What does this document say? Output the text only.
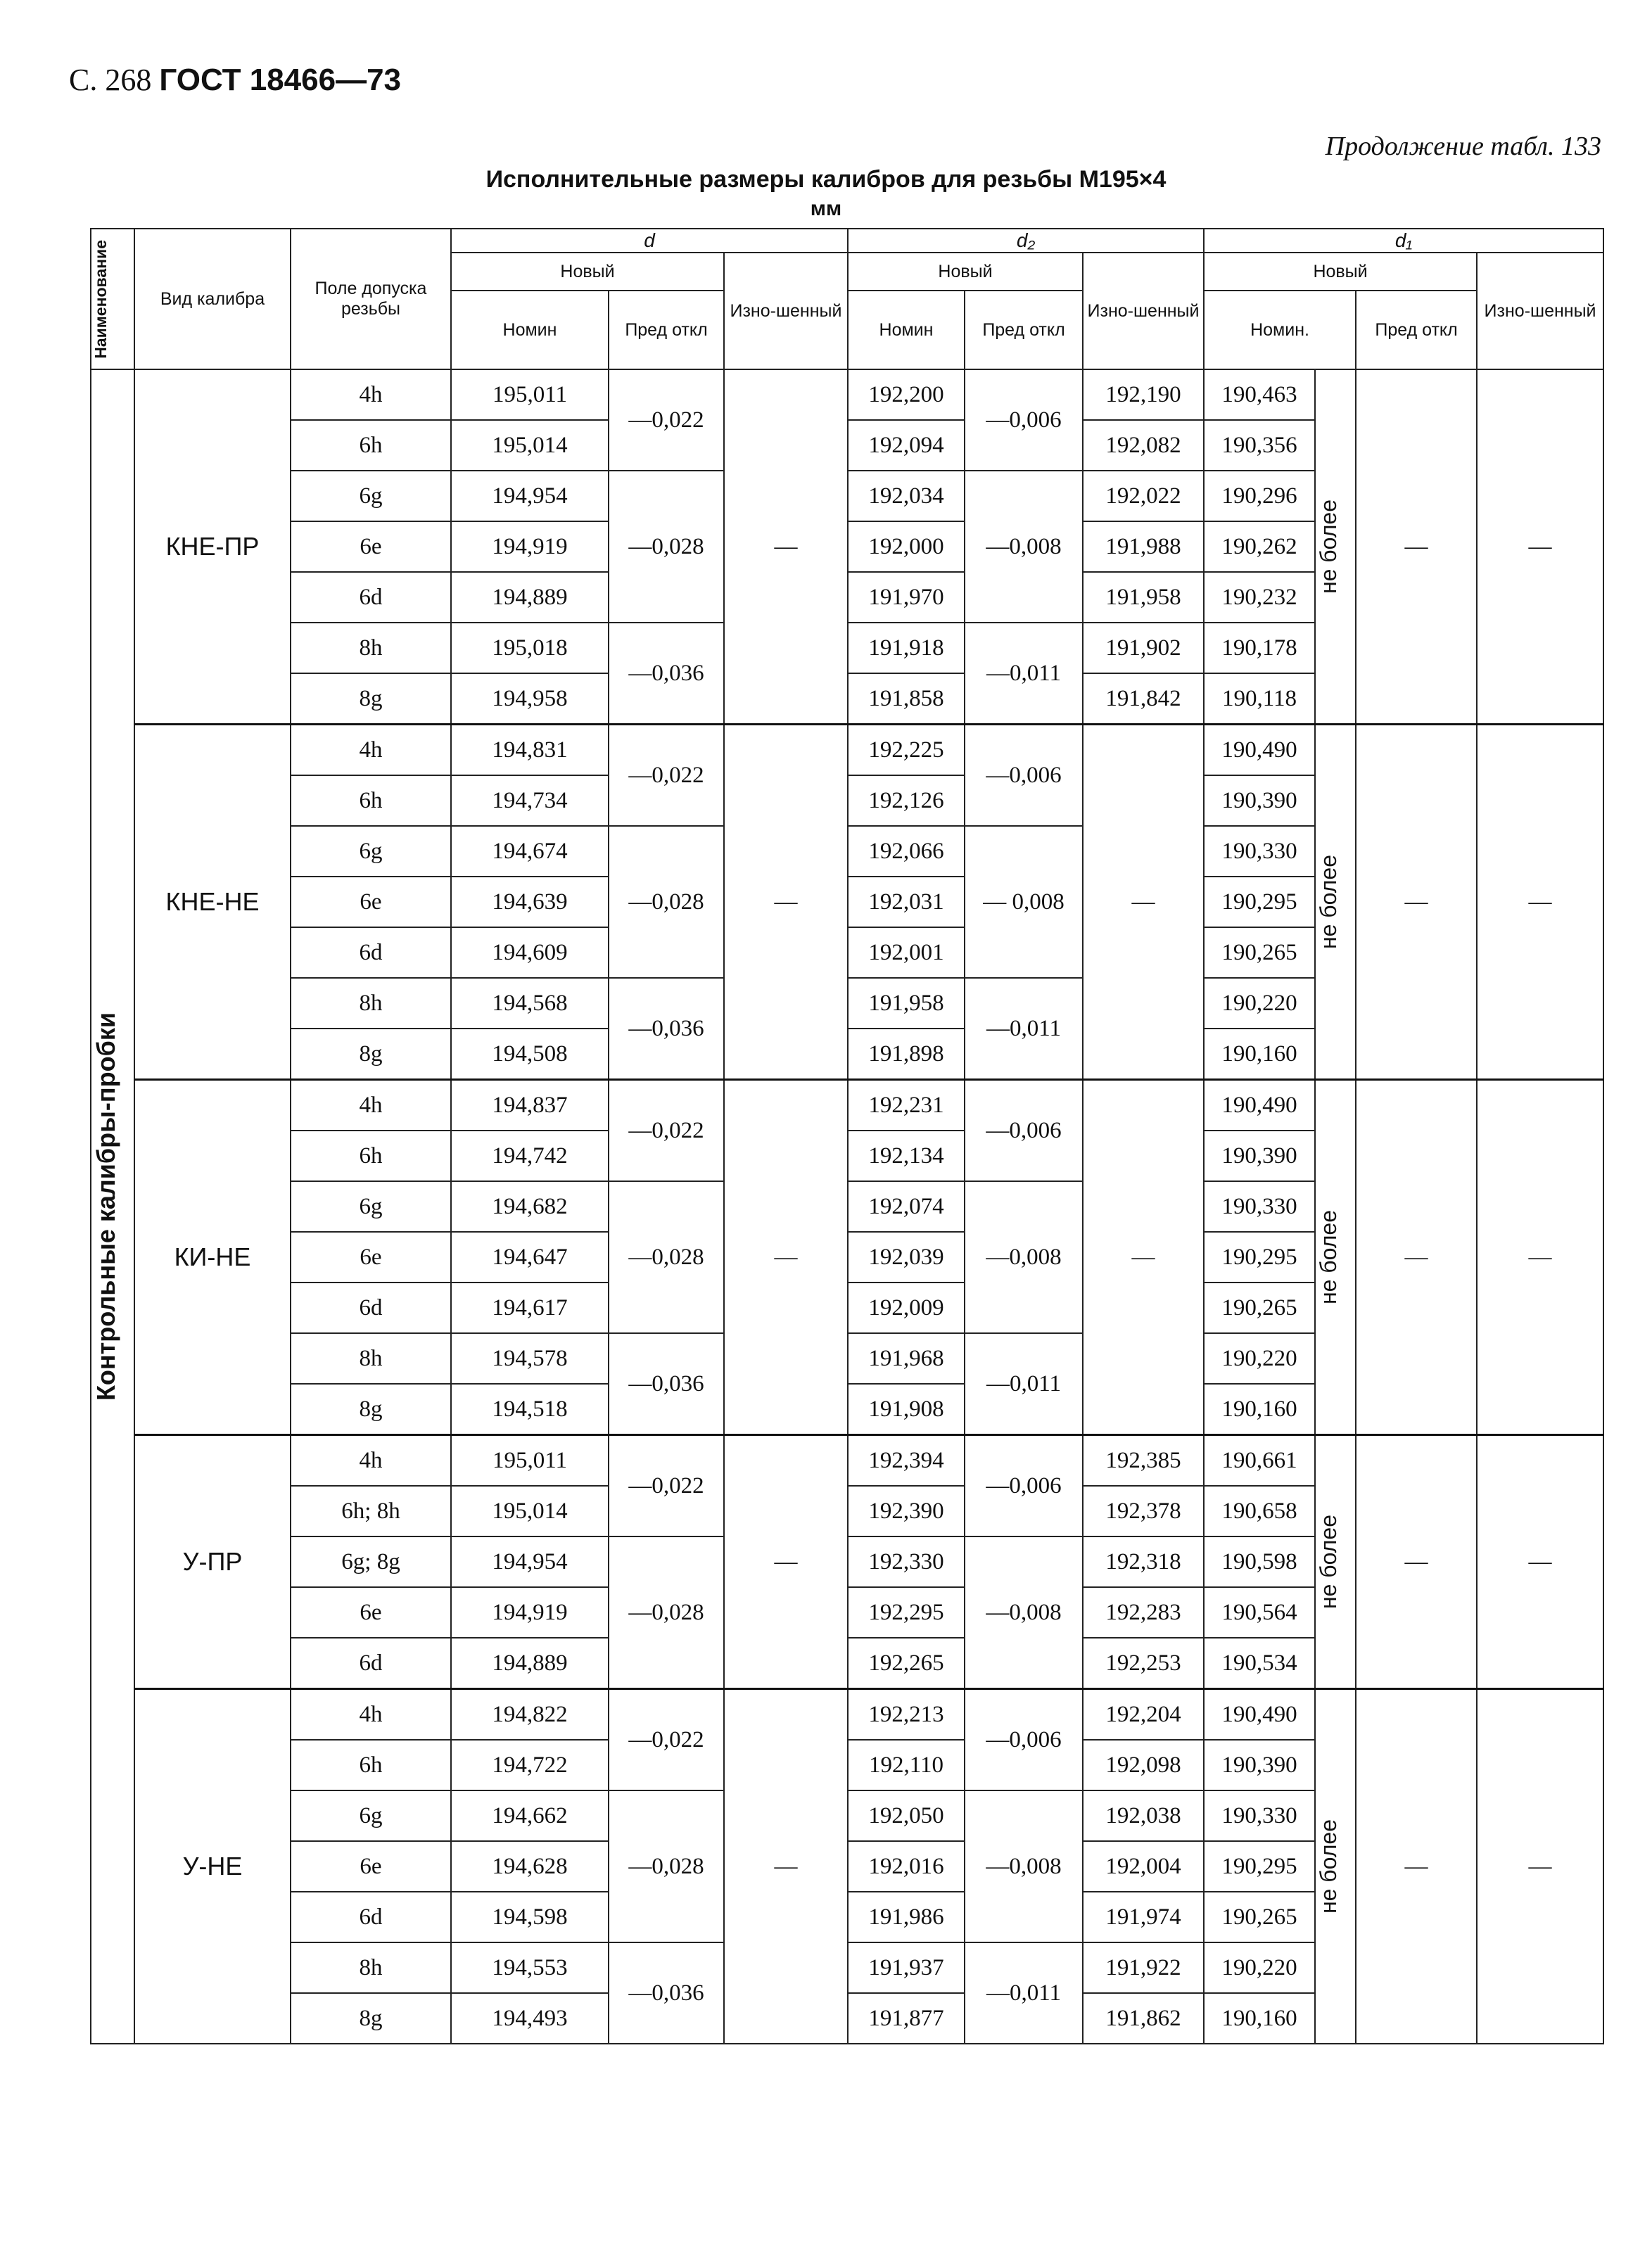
С. 268 ГОСТ 18466—73
Продолжение табл. 133
Исполнительные размеры калибров для резьбы М195×4
мм
Наименование	Вид калибра	Поле допуска резьбы	d			d₂			d₁			
			Новый		Изно-шенный	Новый		Изно-шенный	Новый			Изно-шенный
			Номин	Пред откл		Номин	Пред откл		Номин.		Пред откл	

Контрольные калибры-пробки	КНЕ-ПР	4h	195,011	—0,022	—	192,200	—0,006	192,190	190,463	не более	—	—
		6h	195,014			192,094		192,082	190,356			
		6g	194,954	—0,028		192,034	—0,008	192,022	190,296			
		6e	194,919			192,000		191,988	190,262			
		6d	194,889			191,970		191,958	190,232			
		8h	195,018	—0,036		191,918	—0,011	191,902	190,178			
		8g	194,958			191,858		191,842	190,118			
	КНЕ-НЕ	4h	194,831	—0,022	—	192,225	—0,006	—	190,490	не более	—	—
		6h	194,734			192,126			190,390			
		6g	194,674	—0,028		192,066	— 0,008		190,330			
		6e	194,639			192,031			190,295			
		6d	194,609			192,001			190,265			
		8h	194,568	—0,036		191,958	—0,011		190,220			
		8g	194,508			191,898			190,160			
	КИ-НЕ	4h	194,837	—0,022	—	192,231	—0,006	—	190,490	не более	—	—
		6h	194,742			192,134			190,390			
		6g	194,682	—0,028		192,074	—0,008		190,330			
		6e	194,647			192,039			190,295			
		6d	194,617			192,009			190,265			
		8h	194,578	—0,036		191,968	—0,011		190,220			
		8g	194,518			191,908			190,160			
	У-ПР	4h	195,011	—0,022	—	192,394	—0,006	192,385	190,661	не более	—	—
		6h; 8h	195,014			192,390		192,378	190,658			
		6g; 8g	194,954	—0,028		192,330	—0,008	192,318	190,598			
		6e	194,919			192,295		192,283	190,564			
		6d	194,889			192,265		192,253	190,534			
	У-НЕ	4h	194,822	—0,022	—	192,213	—0,006	192,204	190,490	не более	—	—
		6h	194,722			192,110		192,098	190,390			
		6g	194,662	—0,028		192,050	—0,008	192,038	190,330			
		6e	194,628			192,016		192,004	190,295			
		6d	194,598			191,986		191,974	190,265			
		8h	194,553	—0,036		191,937	—0,011	191,922	190,220			
		8g	194,493			191,877		191,862	190,160			
